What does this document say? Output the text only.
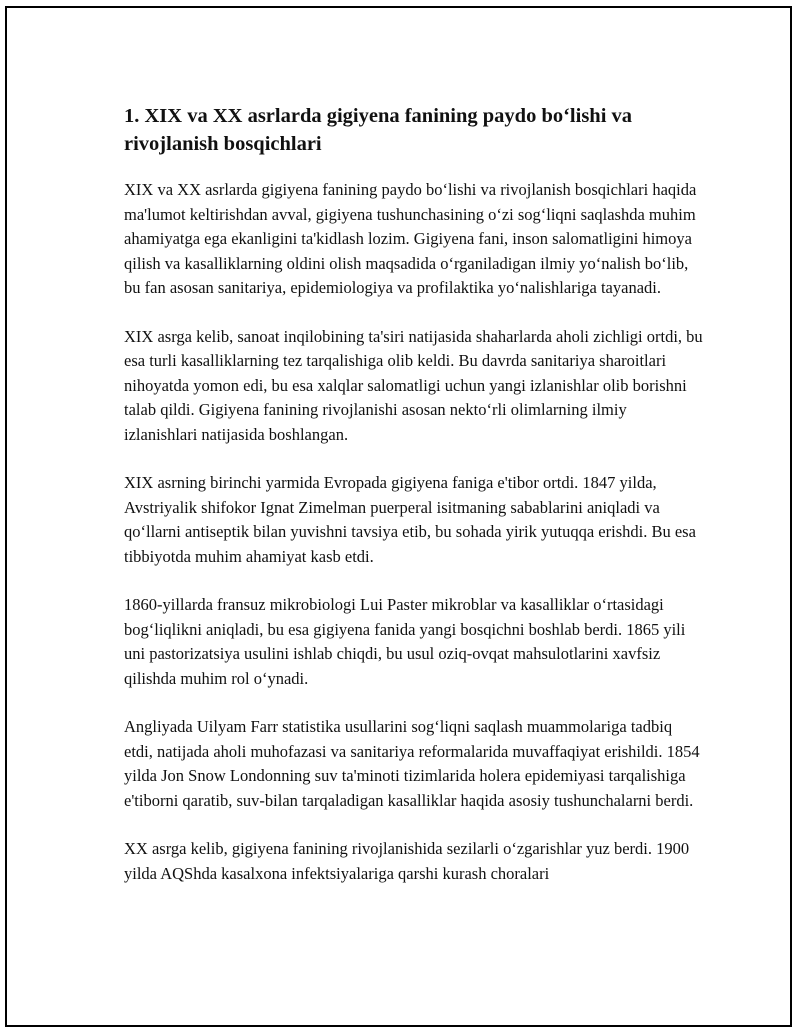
1. XIX va XX asrlarda gigiyena fanining paydo bo‘lishi va rivojlanish bosqichlari

XIX va XX asrlarda gigiyena fanining paydo bo‘lishi va rivojlanish bosqichlari haqida ma'lumot keltirishdan avval, gigiyena tushunchasining o‘zi sog‘liqni saqlashda muhim ahamiyatga ega ekanligini ta'kidlash lozim. Gigiyena fani, inson salomatligini himoya qilish va kasalliklarning oldini olish maqsadida o‘rganiladigan ilmiy yo‘nalish bo‘lib, bu fan asosan sanitariya, epidemiologiya va profilaktika yo‘nalishlariga tayanadi.

XIX asrga kelib, sanoat inqilobining ta'siri natijasida shaharlarda aholi zichligi ortdi, bu esa turli kasalliklarning tez tarqalishiga olib keldi. Bu davrda sanitariya sharoitlari nihoyatda yomon edi, bu esa xalqlar salomatligi uchun yangi izlanishlar olib borishni talab qildi. Gigiyena fanining rivojlanishi asosan nekto‘rli olimlarning ilmiy izlanishlari natijasida boshlangan.

XIX asrning birinchi yarmida Evropada gigiyena faniga e'tibor ortdi. 1847 yilda, Avstriyalik shifokor Ignat Zimelman puerperal isitmaning sabablarini aniqladi va qo‘llarni antiseptik bilan yuvishni tavsiya etib, bu sohada yirik yutuqqa erishdi. Bu esa tibbiyotda muhim ahamiyat kasb etdi.

1860-yillarda fransuz mikrobiologi Lui Paster mikroblar va kasalliklar o‘rtasidagi bog‘liqlikni aniqladi, bu esa gigiyena fanida yangi bosqichni boshlab berdi. 1865 yili uni pastorizatsiya usulini ishlab chiqdi, bu usul oziq-ovqat mahsulotlarini xavfsiz qilishda muhim rol o‘ynadi.

Angliyada Uilyam Farr statistika usullarini sog‘liqni saqlash muammolariga tadbiq etdi, natijada aholi muhofazasi va sanitariya reformalarida muvaffaqiyat erishildi. 1854 yilda Jon Snow Londonning suv ta'minoti tizimlarida holera epidemiyasi tarqalishiga e'tiborni qaratib, suv-bilan tarqaladigan kasalliklar haqida asosiy tushunchalarni berdi.

XX asrga kelib, gigiyena fanining rivojlanishida sezilarli o‘zgarishlar yuz berdi. 1900 yilda AQShda kasalxona infektsiyalariga qarshi kurash choralari
